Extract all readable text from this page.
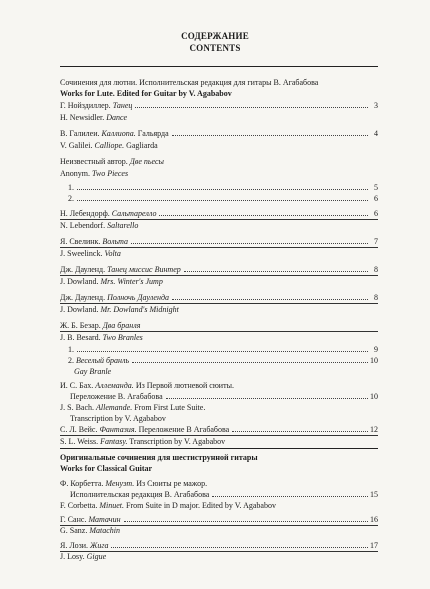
СОДЕРЖАНИЕ
CONTENTS
Сочинения для лютни. Исполнительская редакция для гитары В. Агабабова
Works for Lute. Edited for Guitar by V. Agababov
Г. Нойздиллер. Танец	3
H. Newsidler. Dance
В. Галилеи. Каллиопа. Гальярда	4
V. Galilei. Calliope. Gagliarda
Неизвестный автор. Две пьесы
Anonym. Two Pieces
1.	5
2.	6
Н. Лебендорф. Сальтарелло	6
N. Lebendorf. Saltarello
Я. Свелинк. Вольта	7
J. Sweelinck. Volta
Дж. Дауленд. Танец миссис Винтер	8
J. Dowland. Mrs. Winter's Jump
Дж. Дауленд. Полночь Дауленда	8
J. Dowland. Mr. Dowland's Midnight
Ж. Б. Безар. Два бранля
J. B. Besard. Two Branles
1.	9
2. Веселый бранль	10
Gay Branle
И. С. Бах. Аллеманда. Из Первой лютневой сюиты.
Переложение В. Агабабова	10
J. S. Bach. Allemande. From First Lute Suite.
Transcription by V. Agababov
С. Л. Вейс. Фантазия. Переложение В Агабабова	12
S. L. Weiss. Fantasy. Transcription by V. Agababov
Оригинальные сочинения для шестиструнной гитары
Works for Classical Guitar
Ф. Корбетта. Менуэт. Из Сюиты ре мажор.
Исполнительская редакция В. Агабабова	15
F. Corbetta. Minuet. From Suite in D major. Edited by V. Agababov
Г. Санс. Матачин	16
G. Sanz. Matachin
Я. Лози. Жига	17
J. Losy. Gigue
